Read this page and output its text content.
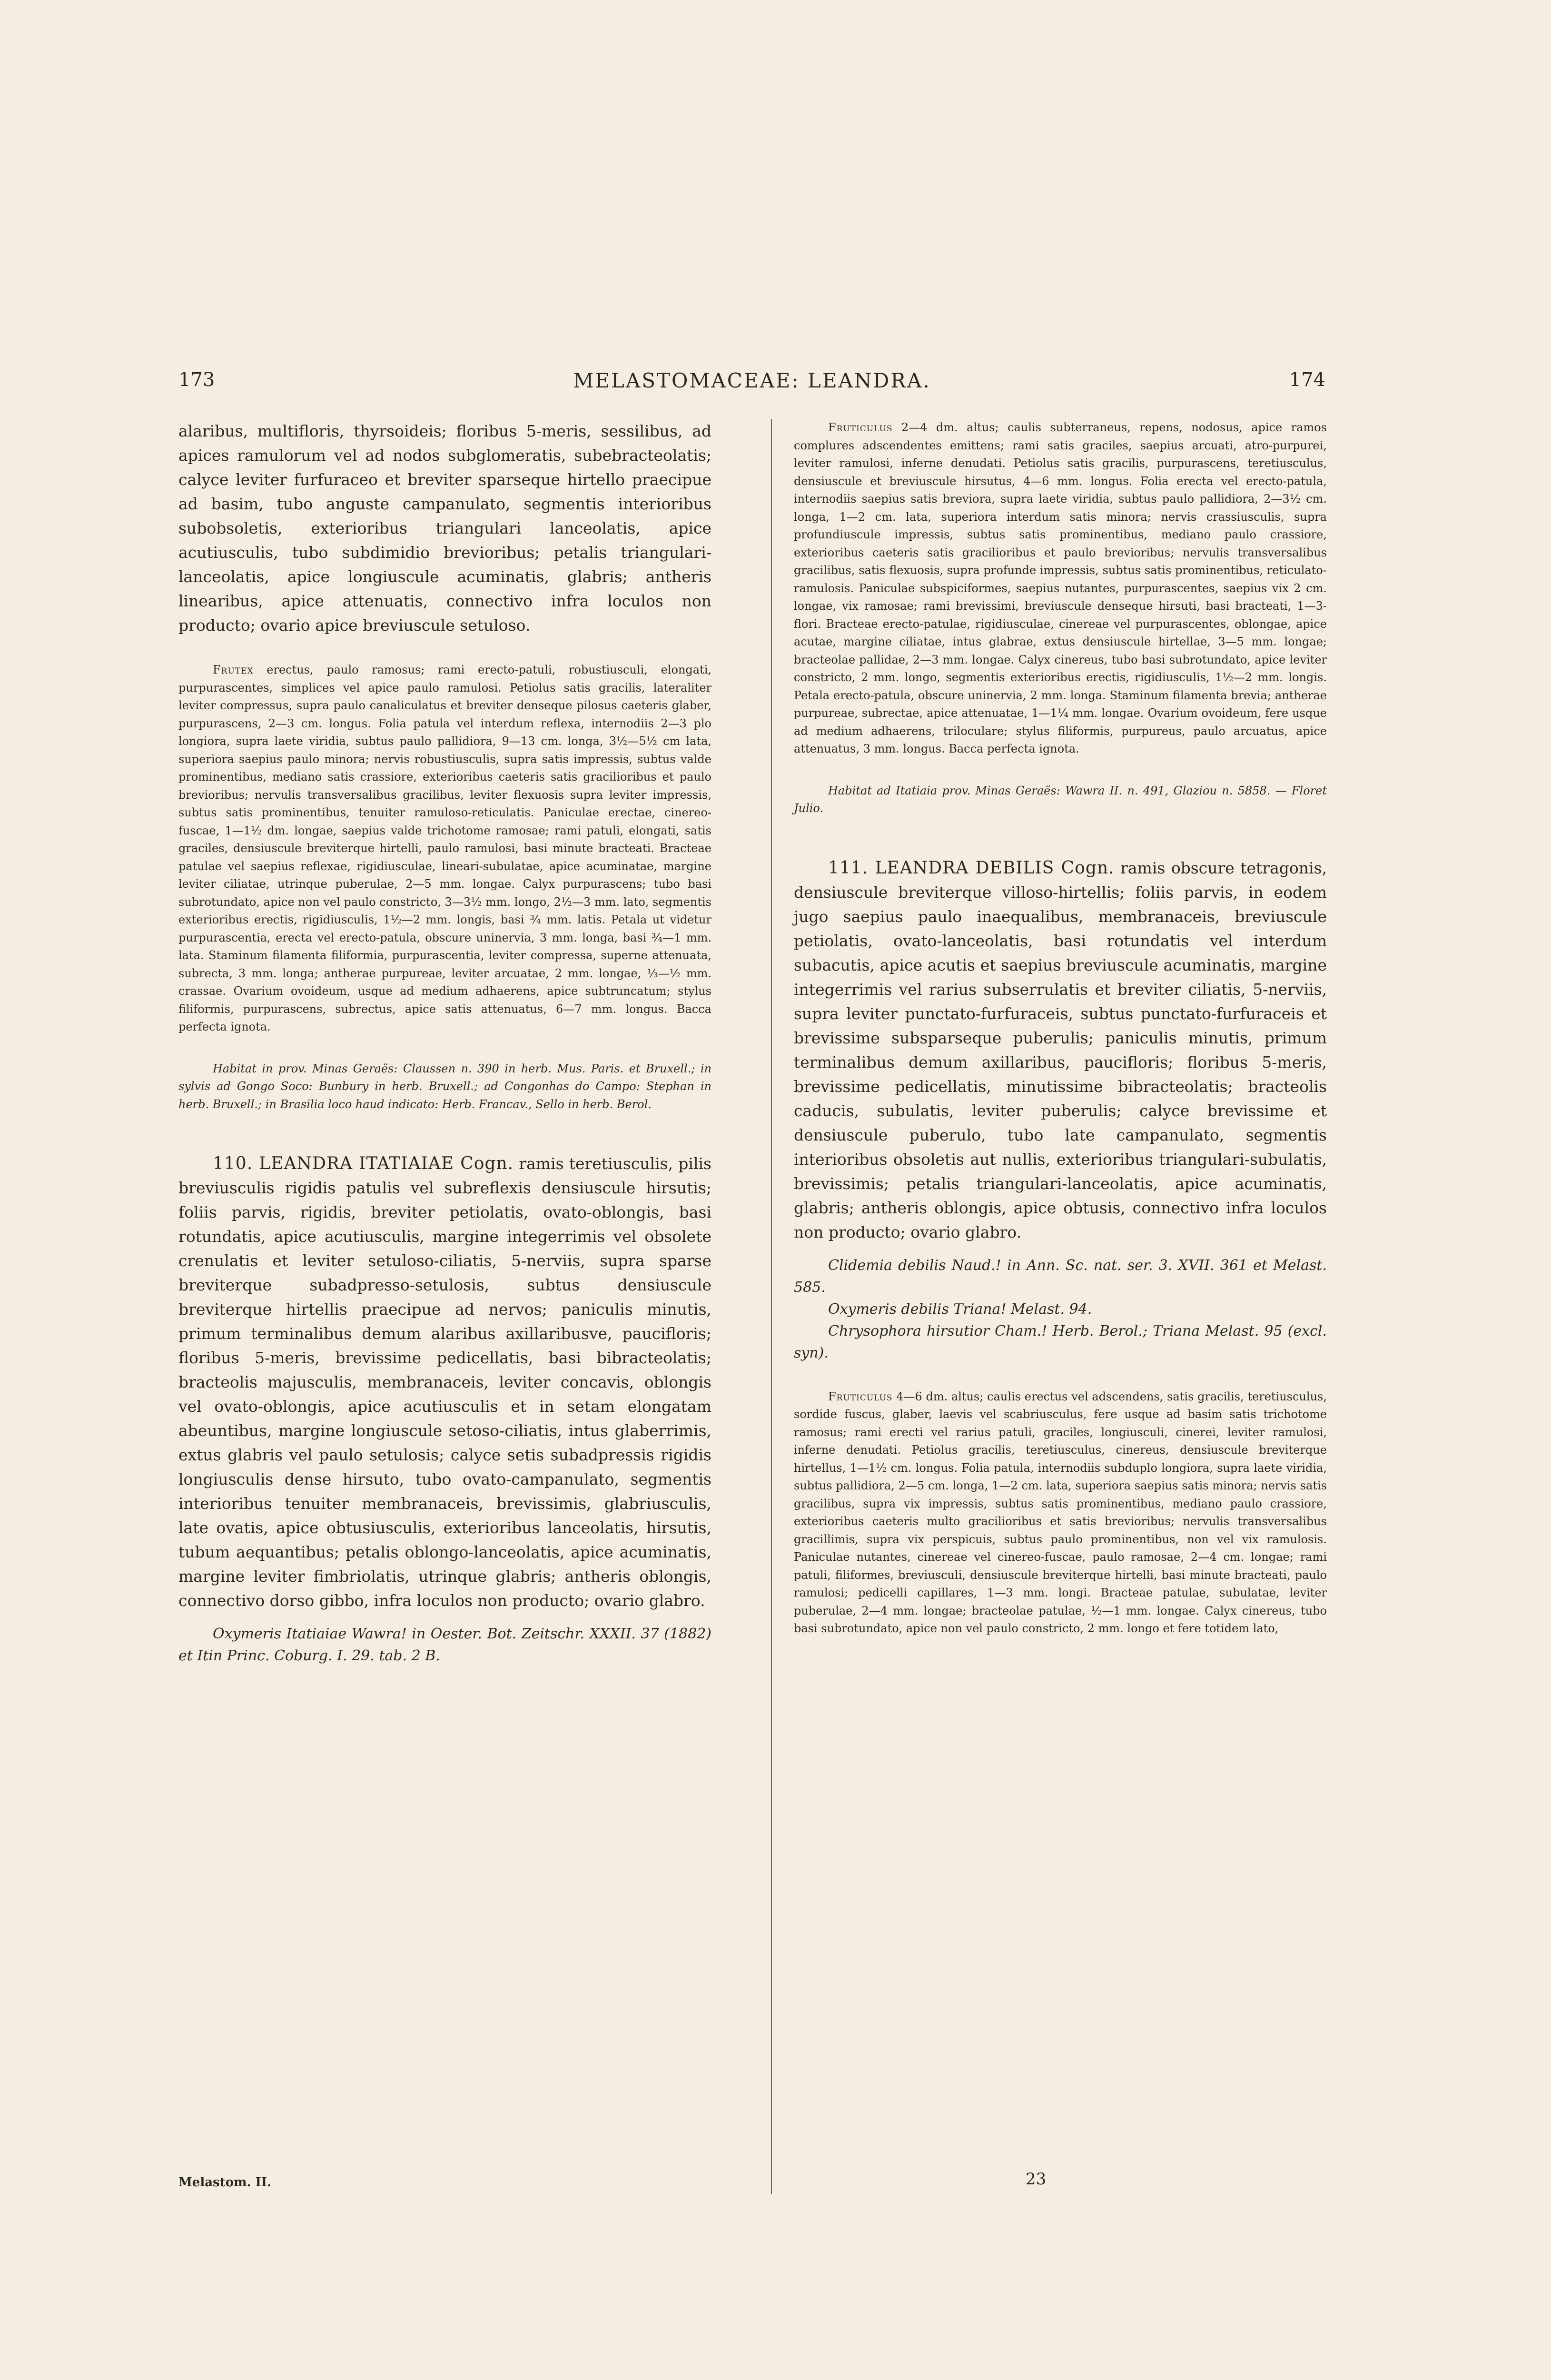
173	MELASTOMACEAE: LEANDRA.	174

alaribus, multifloris, thyrsoideis; floribus 5-meris, sessilibus, ad apices ramulorum vel ad nodos subglomeratis, subebracteolatis; calyce leviter furfuraceo et breviter sparseque hirtello praecipue ad basim, tubo anguste campanulato, segmentis interioribus subobsoletis, exterioribus triangulari lanceolatis, apice acutiusculis, tubo subdimidio brevioribus; petalis triangulari-lanceolatis, apice longiuscule acuminatis, glabris; antheris linearibus, apice attenuatis, connectivo infra loculos non producto; ovario apice breviuscule setuloso.

Frutex erectus, paulo ramosus; rami erecto-patuli, robustiusculi, elongati, purpurascentes, simplices vel apice paulo ramulosi. Petiolus satis gracilis, lateraliter leviter compressus, supra paulo canaliculatus et breviter denseque pilosus caeteris glaber, purpurascens, 2—3 cm. longus. Folia patula vel interdum reflexa, internodiis 2—3 plo longiora, supra laete viridia, subtus paulo pallidiora, 9—13 cm. longa, 3½—5½ cm lata, superiora saepius paulo minora; nervis robustiusculis, supra satis impressis, subtus valde prominentibus, mediano satis crassiore, exterioribus caeteris satis gracilioribus et paulo brevioribus; nervulis transversalibus gracilibus, leviter flexuosis supra leviter impressis, subtus satis prominentibus, tenuiter ramuloso-reticulatis. Paniculae erectae, cinereo-fuscae, 1—1½ dm. longae, saepius valde trichotome ramosae; rami patuli, elongati, satis graciles, densiuscule breviterque hirtelli, paulo ramulosi, basi minute bracteati. Bracteae patulae vel saepius reflexae, rigidiusculae, lineari-subulatae, apice acuminatae, margine leviter ciliatae, utrinque puberulae, 2—5 mm. longae. Calyx purpurascens; tubo basi subrotundato, apice non vel paulo constricto, 3—3½ mm. longo, 2½—3 mm. lato, segmentis exterioribus erectis, rigidiusculis, 1½—2 mm. longis, basi ¾ mm. latis. Petala ut videtur purpurascentia, erecta vel erecto-patula, obscure uninervia, 3 mm. longa, basi ¾—1 mm. lata. Staminum filamenta filiformia, purpurascentia, leviter compressa, superne attenuata, subrecta, 3 mm. longa; antherae purpureae, leviter arcuatae, 2 mm. longae, ⅓—½ mm. crassae. Ovarium ovoideum, usque ad medium adhaerens, apice subtruncatum; stylus filiformis, purpurascens, subrectus, apice satis attenuatus, 6—7 mm. longus. Bacca perfecta ignota.

Habitat in prov. Minas Geraës: Claussen n. 390 in herb. Mus. Paris. et Bruxell.; in sylvis ad Gongo Soco: Bunbury in herb. Bruxell.; ad Congonhas do Campo: Stephan in herb. Bruxell.; in Brasilia loco haud indicato: Herb. Francav., Sello in herb. Berol.

110. LEANDRA ITATIAIAE Cogn. ramis teretiusculis, pilis breviusculis rigidis patulis vel subreflexis densiuscule hirsutis; foliis parvis, rigidis, breviter petiolatis, ovato-oblongis, basi rotundatis, apice acutiusculis, margine integerrimis vel obsolete crenulatis et leviter setuloso-ciliatis, 5-nerviis, supra sparse breviterque subadpresso-setulosis, subtus densiuscule breviterque hirtellis praecipue ad nervos; paniculis minutis, primum terminalibus demum alaribus axillaribusve, paucifloris; floribus 5-meris, brevissime pedicellatis, basi bibracteolatis; bracteolis majusculis, membranaceis, leviter concavis, oblongis vel ovato-oblongis, apice acutiusculis et in setam elongatam abeuntibus, margine longiuscule setoso-ciliatis, intus glaberrimis, extus glabris vel paulo setulosis; calyce setis subadpressis rigidis longiusculis dense hirsuto, tubo ovato-campanulato, segmentis interioribus tenuiter membranaceis, brevissimis, glabriusculis, late ovatis, apice obtusiusculis, exterioribus lanceolatis, hirsutis, tubum aequantibus; petalis oblongo-lanceolatis, apice acuminatis, margine leviter fimbriolatis, utrinque glabris; antheris oblongis, connectivo dorso gibbo, infra loculos non producto; ovario glabro.

Oxymeris Itatiaiae Wawra! in Oester. Bot. Zeitschr. XXXII. 37 (1882) et Itin Princ. Coburg. I. 29. tab. 2 B.

Melastom. II.

Fruticulus 2—4 dm. altus; caulis subterraneus, repens, nodosus, apice ramos complures adscendentes emittens; rami satis graciles, saepius arcuati, atro-purpurei, leviter ramulosi, inferne denudati. Petiolus satis gracilis, purpurascens, teretiusculus, densiuscule et breviuscule hirsutus, 4—6 mm. longus. Folia erecta vel erecto-patula, internodiis saepius satis breviora, supra laete viridia, subtus paulo pallidiora, 2—3½ cm. longa, 1—2 cm. lata, superiora interdum satis minora; nervis crassiusculis, supra profundiuscule impressis, subtus satis prominentibus, mediano paulo crassiore, exterioribus caeteris satis gracilioribus et paulo brevioribus; nervulis transversalibus gracilibus, satis flexuosis, supra profunde impressis, subtus satis prominentibus, reticulato-ramulosis. Paniculae subspiciformes, saepius nutantes, purpurascentes, saepius vix 2 cm. longae, vix ramosae; rami brevissimi, breviuscule denseque hirsuti, basi bracteati, 1—3-flori. Bracteae erecto-patulae, rigidiusculae, cinereae vel purpurascentes, oblongae, apice acutae, margine ciliatae, intus glabrae, extus densiuscule hirtellae, 3—5 mm. longae; bracteolae pallidae, 2—3 mm. longae. Calyx cinereus, tubo basi subrotundato, apice leviter constricto, 2 mm. longo, segmentis exterioribus erectis, rigidiusculis, 1½—2 mm. longis. Petala erecto-patula, obscure uninervia, 2 mm. longa. Staminum filamenta brevia; antherae purpureae, subrectae, apice attenuatae, 1—1¼ mm. longae. Ovarium ovoideum, fere usque ad medium adhaerens, triloculare; stylus filiformis, purpureus, paulo arcuatus, apice attenuatus, 3 mm. longus. Bacca perfecta ignota.

Habitat ad Itatiaia prov. Minas Geraës: Wawra II. n. 491, Glaziou n. 5858. — Floret Julio.

111. LEANDRA DEBILIS Cogn. ramis obscure tetragonis, densiuscule breviterque villoso-hirtellis; foliis parvis, in eodem jugo saepius paulo inaequalibus, membranaceis, breviuscule petiolatis, ovato-lanceolatis, basi rotundatis vel interdum subacutis, apice acutis et saepius breviuscule acuminatis, margine integerrimis vel rarius subserrulatis et breviter ciliatis, 5-nerviis, supra leviter punctato-furfuraceis, subtus punctato-furfuraceis et brevissime subsparseque puberulis; paniculis minutis, primum terminalibus demum axillaribus, paucifloris; floribus 5-meris, brevissime pedicellatis, minutissime bibracteolatis; bracteolis caducis, subulatis, leviter puberulis; calyce brevissime et densiuscule puberulo, tubo late campanulato, segmentis interioribus obsoletis aut nullis, exterioribus triangulari-subulatis, brevissimis; petalis triangulari-lanceolatis, apice acuminatis, glabris; antheris oblongis, apice obtusis, connectivo infra loculos non producto; ovario glabro.

Clidemia debilis Naud.! in Ann. Sc. nat. ser. 3. XVII. 361 et Melast. 585.

Oxymeris debilis Triana! Melast. 94.

Chrysophora hirsutior Cham.! Herb. Berol.; Triana Melast. 95 (excl. syn).

Fruticulus 4—6 dm. altus; caulis erectus vel adscendens, satis gracilis, teretiusculus, sordide fuscus, glaber, laevis vel scabriusculus, fere usque ad basim satis trichotome ramosus; rami erecti vel rarius patuli, graciles, longiusculi, cinerei, leviter ramulosi, inferne denudati. Petiolus gracilis, teretiusculus, cinereus, densiuscule breviterque hirtellus, 1—1½ cm. longus. Folia patula, internodiis subduplo longiora, supra laete viridia, subtus pallidiora, 2—5 cm. longa, 1—2 cm. lata, superiora saepius satis minora; nervis satis gracilibus, supra vix impressis, subtus satis prominentibus, mediano paulo crassiore, exterioribus caeteris multo gracilioribus et satis brevioribus; nervulis transversalibus gracillimis, supra vix perspicuis, subtus paulo prominentibus, non vel vix ramulosis. Paniculae nutantes, cinereae vel cinereo-fuscae, paulo ramosae, 2—4 cm. longae; rami patuli, filiformes, breviusculi, densiuscule breviterque hirtelli, basi minute bracteati, paulo ramulosi; pedicelli capillares, 1—3 mm. longi. Bracteae patulae, subulatae, leviter puberulae, 2—4 mm. longae; bracteolae patulae, ½—1 mm. longae. Calyx cinereus, tubo basi subrotundato, apice non vel paulo constricto, 2 mm. longo et fere totidem lato,

23
